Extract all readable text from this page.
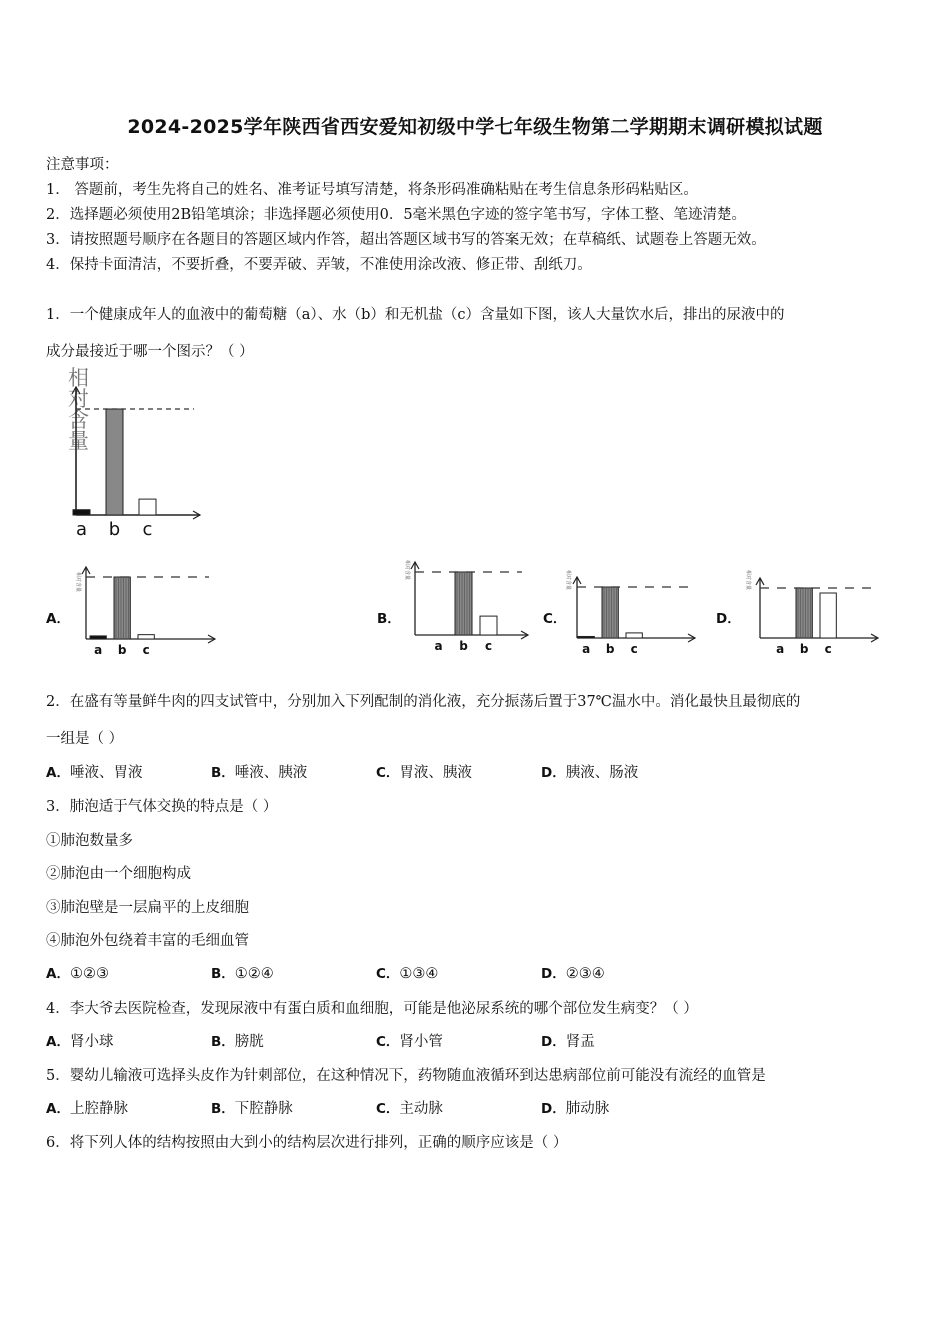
2024-2025学年陕西省西安爱知初级中学七年级生物第二学期期末调研模拟试题
注意事项：
1． 答题前，考生先将自己的姓名、准考证号填写清楚，将条形码准确粘贴在考生信息条形码粘贴区。
2．选择题必须使用2B铅笔填涂；非选择题必须使用0．5毫米黑色字迹的签字笔书写，字体工整、笔迹清楚。
3．请按照题号顺序在各题目的答题区域内作答，超出答题区域书写的答案无效；在草稿纸、试题卷上答题无效。
4．保持卡面清洁，不要折叠，不要弄破、弄皱，不准使用涂改液、修正带、刮纸刀。
1．一个健康成年人的血液中的葡萄糖（a）、水（b）和无机盐（c）含量如下图，该人大量饮水后，排出的尿液中的
成分最接近于哪一个图示？（ ）
相对含量
a b c
A．
相对含量
a b c
B．
相对含量
a b c
C．
相对含量
a b c
D．
相对含量
a b c
2．在盛有等量鲜牛肉的四支试管中，分别加入下列配制的消化液，充分振荡后置于37℃温水中。消化最快且最彻底的
一组是（ ）
A．唾液、胃液	B．唾液、胰液	C．胃液、胰液	D．胰液、肠液
3．肺泡适于气体交换的特点是（ ）
①肺泡数量多
②肺泡由一个细胞构成
③肺泡壁是一层扁平的上皮细胞
④肺泡外包绕着丰富的毛细血管
A．①②③	B．①②④	C．①③④	D．②③④
4．李大爷去医院检查，发现尿液中有蛋白质和血细胞，可能是他泌尿系统的哪个部位发生病变？（ ）
A．肾小球	B．膀胱	C．肾小管	D．肾盂
5．婴幼儿输液可选择头皮作为针刺部位，在这种情况下，药物随血液循环到达患病部位前可能没有流经的血管是
A．上腔静脉	B．下腔静脉	C．主动脉	D．肺动脉
6．将下列人体的结构按照由大到小的结构层次进行排列，正确的顺序应该是（ ）
